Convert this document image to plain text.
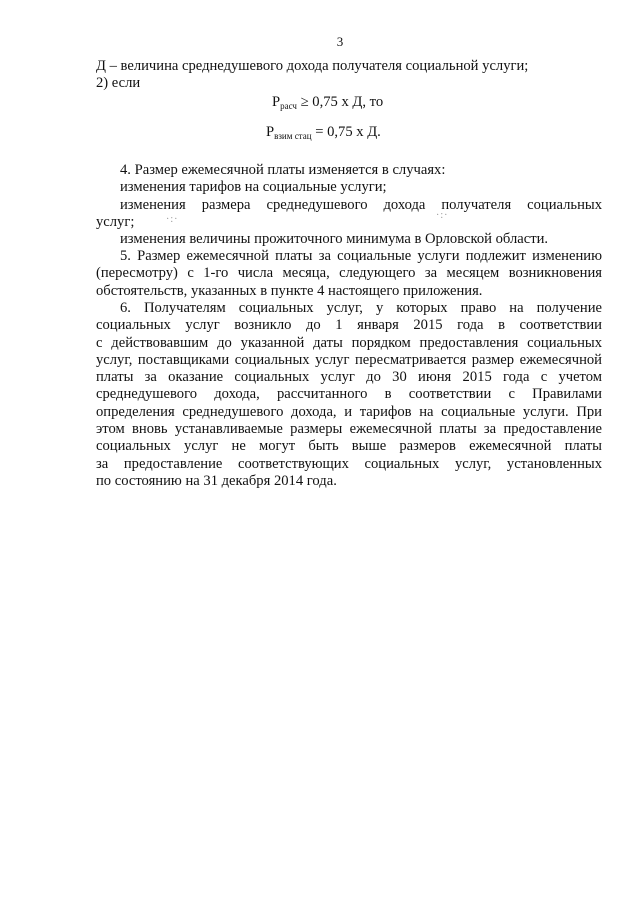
3
Д – величина среднедушевого дохода получателя социальной услуги;
2) если
$P_{расч} \ge 0,75$ х Д, то
$P_{взим стац} = 0,75$ х Д.
4. Размер ежемесячной платы изменяется в случаях:
изменения тарифов на социальные услуги;
изменения размера среднедушевого дохода получателя социальных
услуг;
изменения величины прожиточного минимума в Орловской области.
5. Размер ежемесячной платы за социальные услуги подлежит изменению
(пересмотру) с 1-го числа месяца, следующего за месяцем возникновения
обстоятельств, указанных в пункте 4 настоящего приложения.
6. Получателям социальных услуг, у которых право на получение
социальных услуг возникло до 1 января 2015 года в соответствии
с действовавшим до указанной даты порядком предоставления социальных
услуг, поставщиками социальных услуг пересматривается размер ежемесячной
платы за оказание социальных услуг до 30 июня 2015 года с учетом
среднедушевого дохода, рассчитанного в соответствии с Правилами
определения среднедушевого дохода, и тарифов на социальные услуги. При
этом вновь устанавливаемые размеры ежемесячной платы за предоставление
социальных услуг не могут быть выше размеров ежемесячной платы
за предоставление соответствующих социальных услуг, установленных
по состоянию на 31 декабря 2014 года.
·:·	·:·
